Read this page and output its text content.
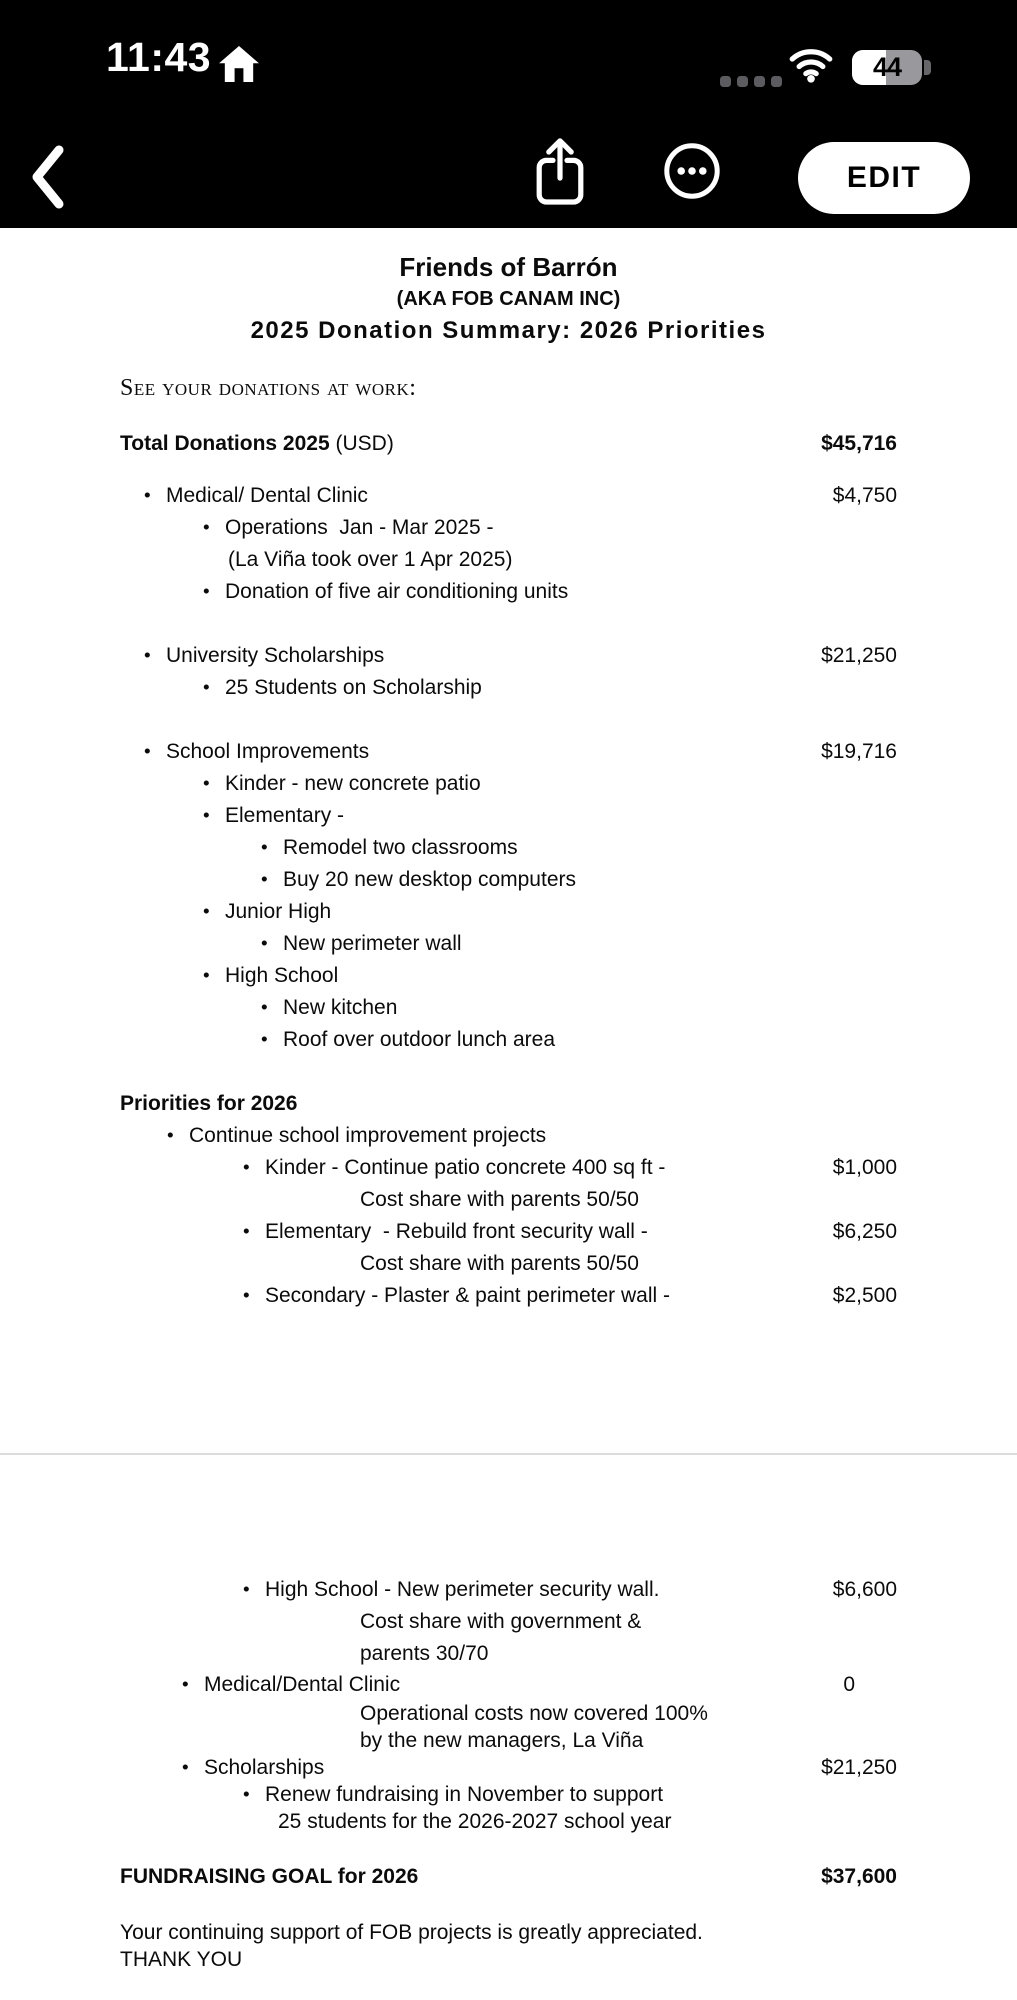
11:43	44
EDIT
Friends of Barrón
(AKA FOB CANAM INC)
2025 Donation Summary: 2026 Priorities
See your donations at work:
Total Donations 2025 (USD)	$45,716
• Medical/ Dental Clinic	$4,750
• Operations  Jan - Mar 2025 -
(La Viña took over 1 Apr 2025)
• Donation of five air conditioning units
• University Scholarships	$21,250
• 25 Students on Scholarship
• School Improvements	$19,716
• Kinder - new concrete patio
• Elementary -
• Remodel two classrooms
• Buy 20 new desktop computers
• Junior High
• New perimeter wall
• High School
• New kitchen
• Roof over outdoor lunch area
Priorities for 2026
• Continue school improvement projects
• Kinder - Continue patio concrete 400 sq ft -	$1,000
Cost share with parents 50/50
• Elementary  - Rebuild front security wall -	$6,250
Cost share with parents 50/50
• Secondary - Plaster & paint perimeter wall -	$2,500
• High School - New perimeter security wall.	$6,600
Cost share with government &
parents 30/70
• Medical/Dental Clinic	0
Operational costs now covered 100%
by the new managers, La Viña
• Scholarships	$21,250
• Renew fundraising in November to support
25 students for the 2026-2027 school year
FUNDRAISING GOAL for 2026	$37,600
Your continuing support of FOB projects is greatly appreciated.
THANK YOU
